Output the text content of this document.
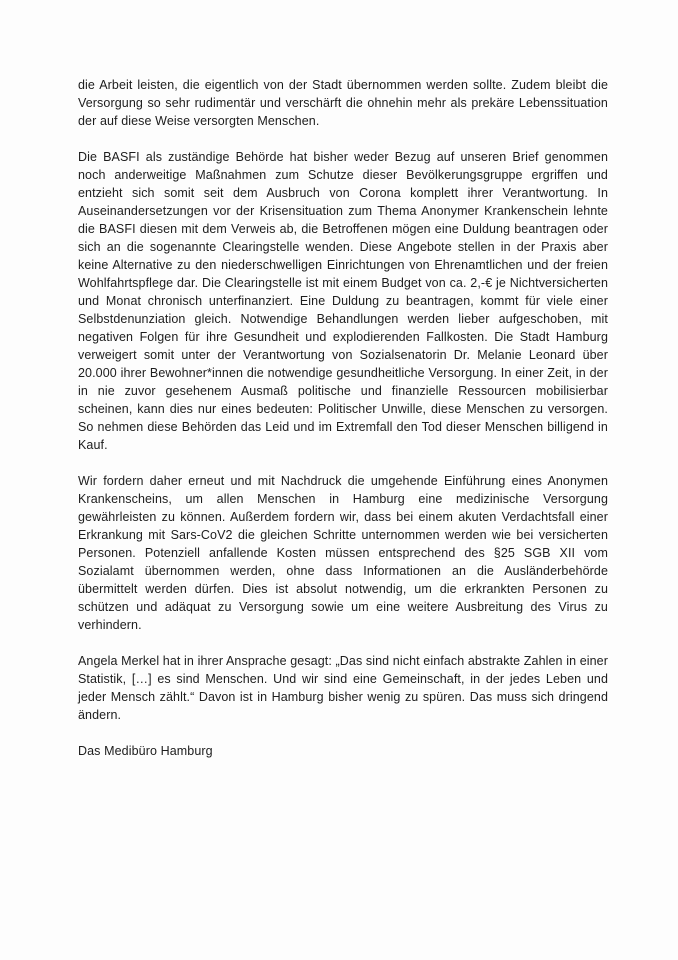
die Arbeit leisten, die eigentlich von der Stadt übernommen werden sollte. Zudem bleibt die Versorgung so sehr rudimentär und verschärft die ohnehin mehr als prekäre Lebenssituation der auf diese Weise versorgten Menschen.

Die BASFI als zuständige Behörde hat bisher weder Bezug auf unseren Brief genommen noch anderweitige Maßnahmen zum Schutze dieser Bevölkerungsgruppe ergriffen und entzieht sich somit seit dem Ausbruch von Corona komplett ihrer Verantwortung. In Auseinandersetzungen vor der Krisensituation zum Thema Anonymer Krankenschein lehnte die BASFI diesen mit dem Verweis ab, die Betroffenen mögen eine Duldung beantragen oder sich an die sogenannte Clearingstelle wenden. Diese Angebote stellen in der Praxis aber keine Alternative zu den niederschwelligen Einrichtungen von Ehrenamtlichen und der freien Wohlfahrtspflege dar. Die Clearingstelle ist mit einem Budget von ca. 2,-€ je Nichtversicherten und Monat chronisch unterfinanziert. Eine Duldung zu beantragen, kommt für viele einer Selbstdenunziation gleich. Notwendige Behandlungen werden lieber aufgeschoben, mit negativen Folgen für ihre Gesundheit und explodierenden Fallkosten. Die Stadt Hamburg verweigert somit unter der Verantwortung von Sozialsenatorin Dr. Melanie Leonard über 20.000 ihrer Bewohner*innen die notwendige gesundheitliche Versorgung. In einer Zeit, in der in nie zuvor gesehenem Ausmaß politische und finanzielle Ressourcen mobilisierbar scheinen, kann dies nur eines bedeuten: Politischer Unwille, diese Menschen zu versorgen. So nehmen diese Behörden das Leid und im Extremfall den Tod dieser Menschen billigend in Kauf.

Wir fordern daher erneut und mit Nachdruck die umgehende Einführung eines Anonymen Krankenscheins, um allen Menschen in Hamburg eine medizinische Versorgung gewährleisten zu können. Außerdem fordern wir, dass bei einem akuten Verdachtsfall einer Erkrankung mit Sars-CoV2 die gleichen Schritte unternommen werden wie bei versicherten Personen. Potenziell anfallende Kosten müssen entsprechend des §25 SGB XII vom Sozialamt übernommen werden, ohne dass Informationen an die Ausländerbehörde übermittelt werden dürfen. Dies ist absolut notwendig, um die erkrankten Personen zu schützen und adäquat zu Versorgung sowie um eine weitere Ausbreitung des Virus zu verhindern.

Angela Merkel hat in ihrer Ansprache gesagt: „Das sind nicht einfach abstrakte Zahlen in einer Statistik, […] es sind Menschen. Und wir sind eine Gemeinschaft, in der jedes Leben und jeder Mensch zählt.“ Davon ist in Hamburg bisher wenig zu spüren. Das muss sich dringend ändern.

Das Medibüro Hamburg
